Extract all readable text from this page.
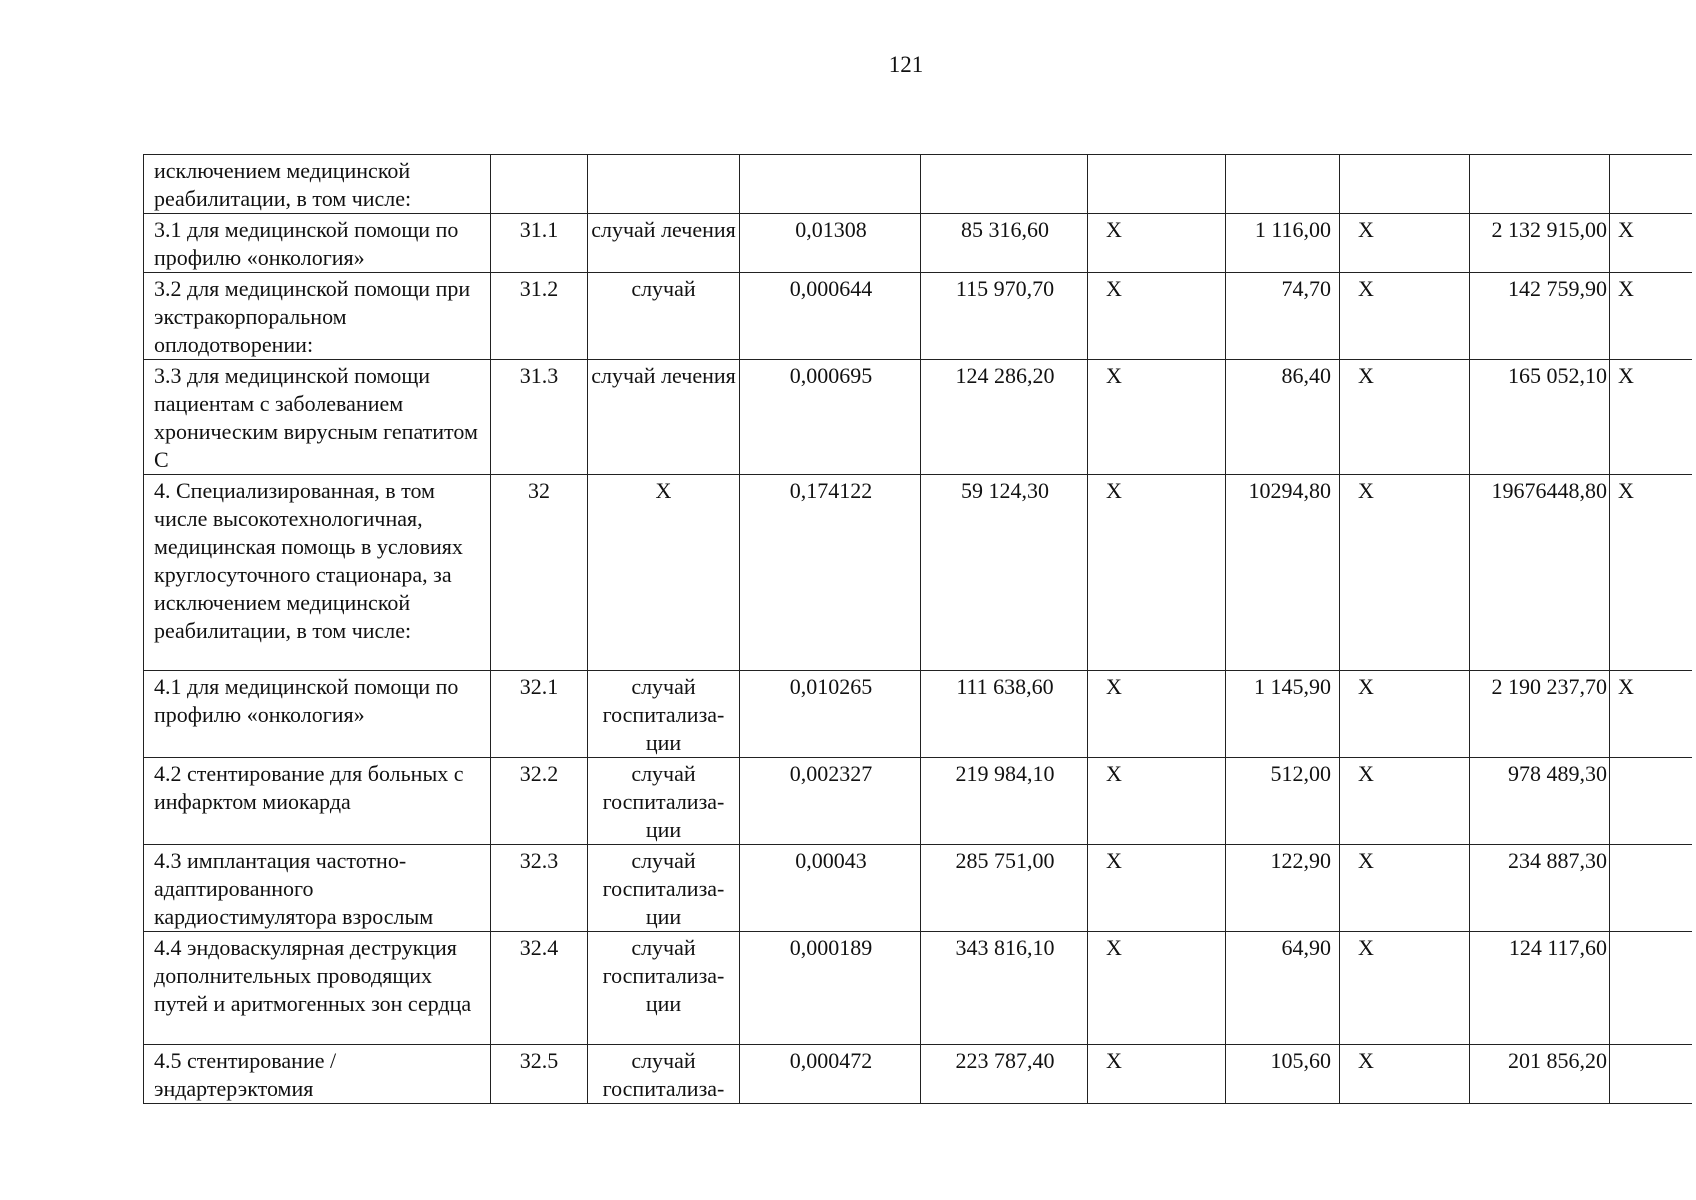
121
исключением медицинской реабилитации, в том числе:									
3.1 для медицинской помощи по профилю «онкология»	31.1	случай лечения	0,01308	85 316,60	X	1 116,00	X	2 132 915,00	X
3.2 для медицинской помощи при экстракорпоральном оплодотворении:	31.2	случай	0,000644	115 970,70	X	74,70	X	142 759,90	X
3.3 для медицинской помощи пациентам с заболеванием хроническим вирусным гепатитом С	31.3	случай лечения	0,000695	124 286,20	X	86,40	X	165 052,10	X
4. Специализированная, в том числе высокотехнологичная, медицинская помощь в условиях круглосуточного стационара, за исключением медицинской реабилитации, в том числе:	32	X	0,174122	59 124,30	X	10294,80	X	19676448,80	X
4.1 для медицинской помощи по профилю «онкология»	32.1	случай госпитализа-ции	0,010265	111 638,60	X	1 145,90	X	2 190 237,70	X
4.2 стентирование для больных с инфарктом миокарда	32.2	случай госпитализа-ции	0,002327	219 984,10	X	512,00	X	978 489,30	
4.3 имплантация частотно-адаптированного кардиостимулятора взрослым	32.3	случай госпитализа-ции	0,00043	285 751,00	X	122,90	X	234 887,30	
4.4 эндоваскулярная деструкция дополнительных проводящих путей и аритмогенных зон сердца	32.4	случай госпитализа-ции	0,000189	343 816,10	X	64,90	X	124 117,60	
4.5 стентирование / эндартерэктомия	32.5	случай госпитализа-	0,000472	223 787,40	X	105,60	X	201 856,20	
